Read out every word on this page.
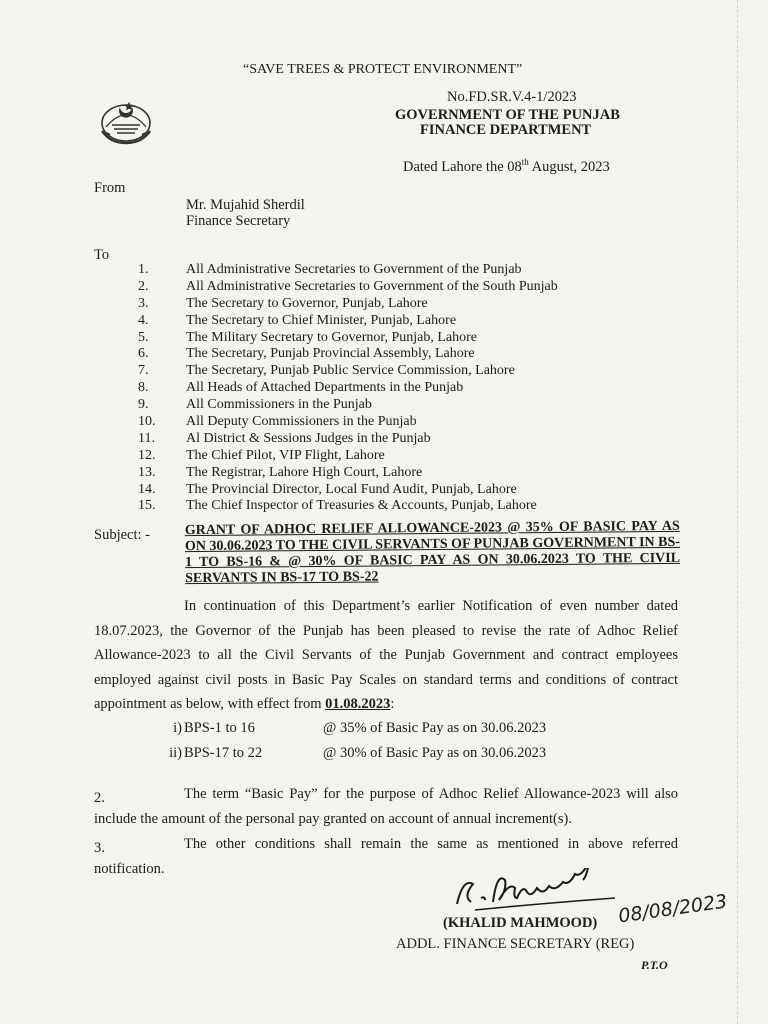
“SAVE TREES & PROTECT ENVIRONMENT”
No.FD.SR.V.4-1/2023
GOVERNMENT OF THE PUNJAB
FINANCE DEPARTMENT
Dated Lahore the 08th August, 2023
From
Mr. Mujahid Sherdil
Finance Secretary
To
1.	All Administrative Secretaries to Government of the Punjab
2.	All Administrative Secretaries to Government of the South Punjab
3.	The Secretary to Governor, Punjab, Lahore
4.	The Secretary to Chief Minister, Punjab, Lahore
5.	The Military Secretary to Governor, Punjab, Lahore
6.	The Secretary, Punjab Provincial Assembly, Lahore
7.	The Secretary, Punjab Public Service Commission, Lahore
8.	All Heads of Attached Departments in the Punjab
9.	All Commissioners in the Punjab
10.	All Deputy Commissioners in the Punjab
11.	Al District & Sessions Judges in the Punjab
12.	The Chief Pilot, VIP Flight, Lahore
13.	The Registrar, Lahore High Court, Lahore
14.	The Provincial Director, Local Fund Audit, Punjab, Lahore
15.	The Chief Inspector of Treasuries & Accounts, Punjab, Lahore
Subject: - GRANT OF ADHOC RELIEF ALLOWANCE-2023 @ 35% OF BASIC PAY AS ON 30.06.2023 TO THE CIVIL SERVANTS OF PUNJAB GOVERNMENT IN BS-1 TO BS-16 & @ 30% OF BASIC PAY AS ON 30.06.2023 TO THE CIVIL SERVANTS IN BS-17 TO BS-22
In continuation of this Department’s earlier Notification of even number dated 18.07.2023, the Governor of the Punjab has been pleased to revise the rate of Adhoc Relief Allowance-2023 to all the Civil Servants of the Punjab Government and contract employees employed against civil posts in Basic Pay Scales on standard terms and conditions of contract appointment as below, with effect from 01.08.2023:
i) BPS-1 to 16	@ 35% of Basic Pay as on 30.06.2023
ii) BPS-17 to 22	@ 30% of Basic Pay as on 30.06.2023
2.	The term “Basic Pay” for the purpose of Adhoc Relief Allowance-2023 will also include the amount of the personal pay granted on account of annual increment(s).
3.	The other conditions shall remain the same as mentioned in above referred notification.
08/08/2023
(KHALID MAHMOOD)
ADDL. FINANCE SECRETARY (REG)
P.T.O
